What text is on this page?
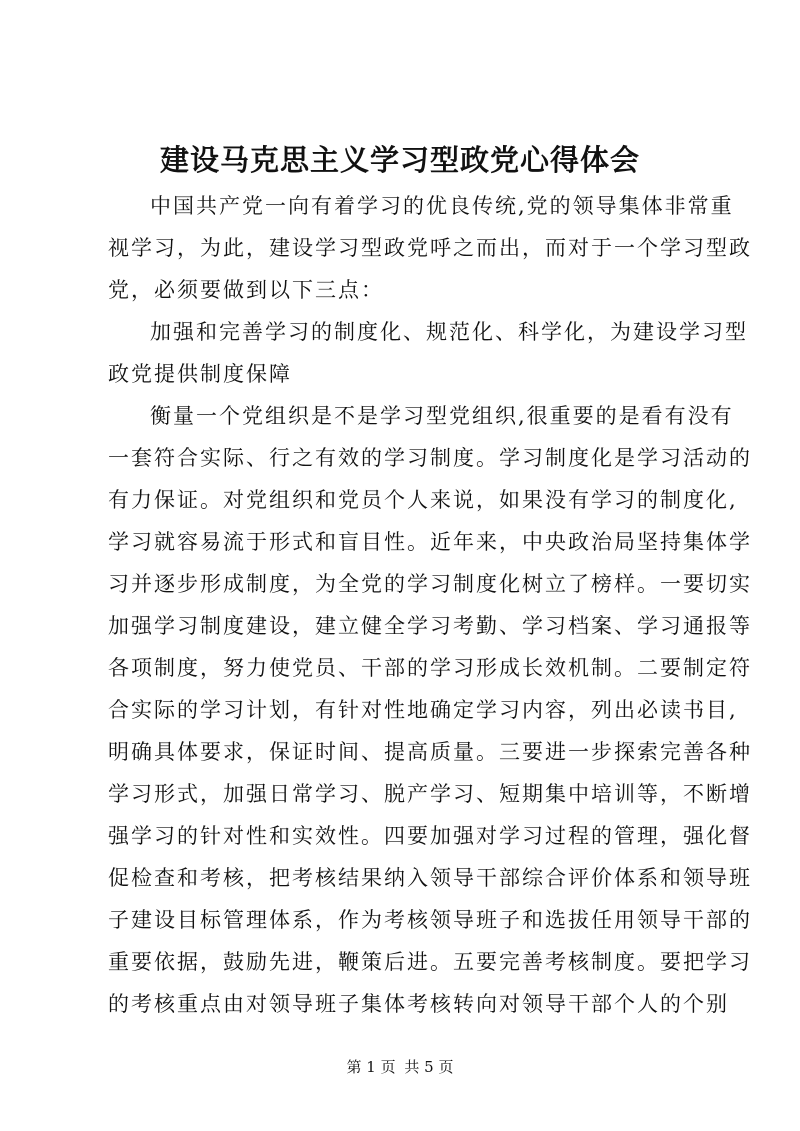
建设马克思主义学习型政党心得体会
中国共产党一向有着学习的优良传统,党的领导集体非常重
视学习，为此，建设学习型政党呼之而出，而对于一个学习型政
党，必须要做到以下三点：
加强和完善学习的制度化、规范化、科学化，为建设学习型
政党提供制度保障
衡量一个党组织是不是学习型党组织,很重要的是看有没有
一套符合实际、行之有效的学习制度。学习制度化是学习活动的
有力保证。对党组织和党员个人来说，如果没有学习的制度化,
学习就容易流于形式和盲目性。近年来，中央政治局坚持集体学
习并逐步形成制度，为全党的学习制度化树立了榜样。一要切实
加强学习制度建设，建立健全学习考勤、学习档案、学习通报等
各项制度，努力使党员、干部的学习形成长效机制。二要制定符
合实际的学习计划，有针对性地确定学习内容，列出必读书目,
明确具体要求，保证时间、提高质量。三要进一步探索完善各种
学习形式，加强日常学习、脱产学习、短期集中培训等，不断增
强学习的针对性和实效性。四要加强对学习过程的管理，强化督
促检查和考核，把考核结果纳入领导干部综合评价体系和领导班
子建设目标管理体系，作为考核领导班子和选拔任用领导干部的
重要依据，鼓励先进，鞭策后进。五要完善考核制度。要把学习
的考核重点由对领导班子集体考核转向对领导干部个人的个别
第 1 页 共 5 页
